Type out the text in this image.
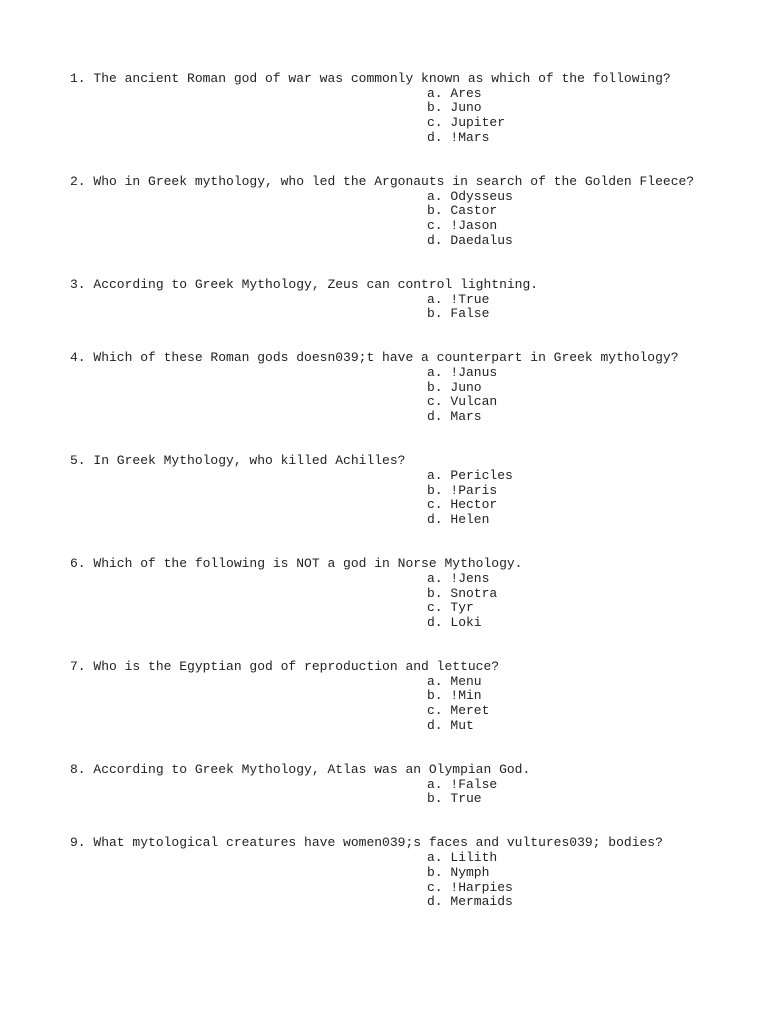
1. The ancient Roman god of war was commonly known as which of the following?
a. Ares
b. Juno
c. Jupiter
d. !Mars
2. Who in Greek mythology, who led the Argonauts in search of the Golden Fleece?
a. Odysseus
b. Castor
c. !Jason
d. Daedalus
3. According to Greek Mythology, Zeus can control lightning.
a. !True
b. False
4. Which of these Roman gods doesn039;t have a counterpart in Greek mythology?
a. !Janus
b. Juno
c. Vulcan
d. Mars
5. In Greek Mythology, who killed Achilles?
a. Pericles
b. !Paris
c. Hector
d. Helen
6. Which of the following is NOT a god in Norse Mythology.
a. !Jens
b. Snotra
c. Tyr
d. Loki
7. Who is the Egyptian god of reproduction and lettuce?
a. Menu
b. !Min
c. Meret
d. Mut
8. According to Greek Mythology, Atlas was an Olympian God.
a. !False
b. True
9. What mytological creatures have women039;s faces and vultures039; bodies?
a. Lilith
b. Nymph
c. !Harpies
d. Mermaids
